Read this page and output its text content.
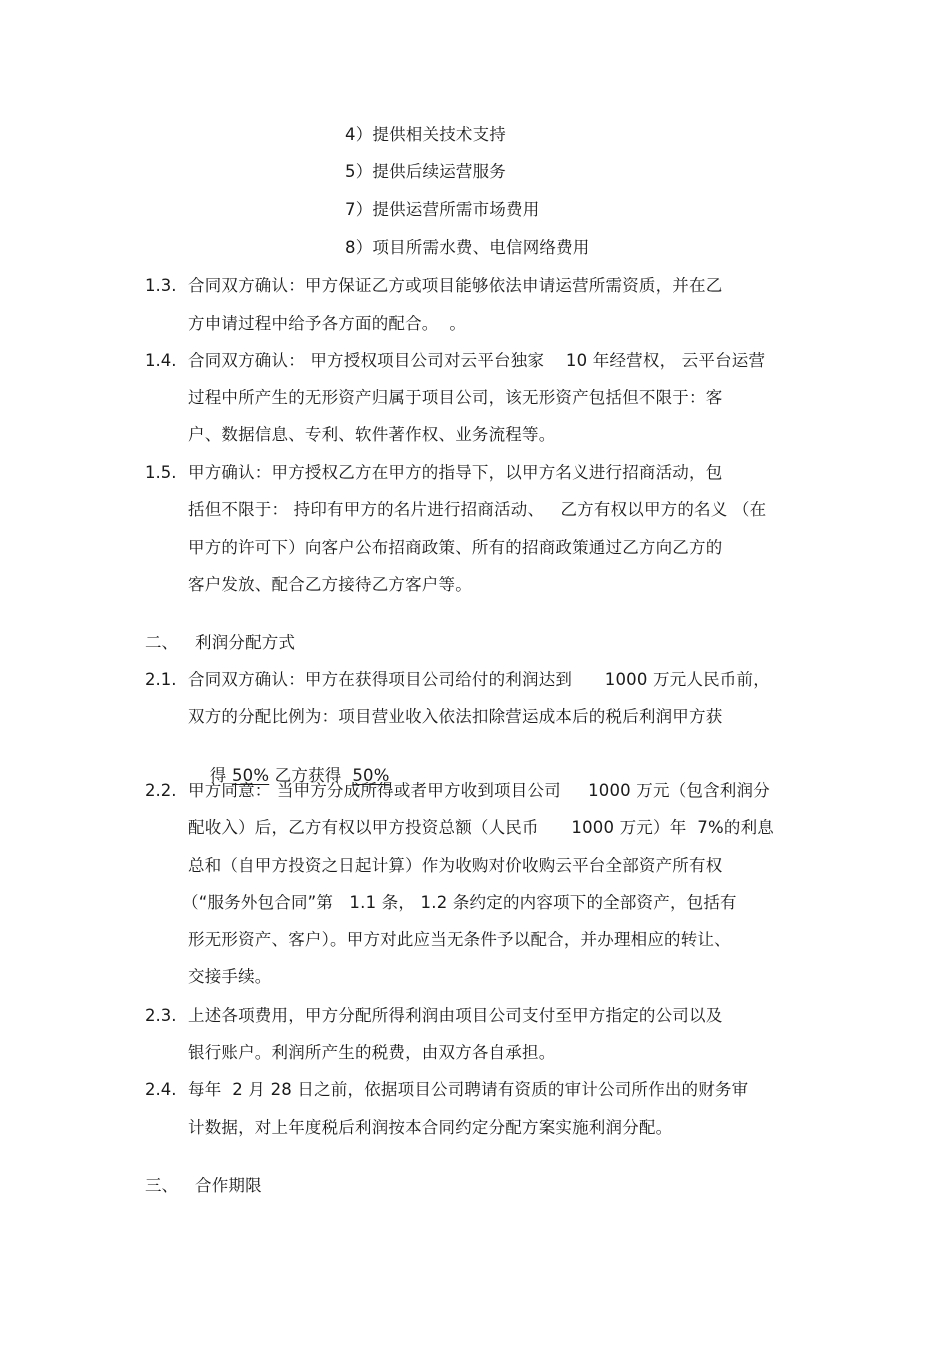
4）提供相关技术支持
5）提供后续运营服务
7）提供运营所需市场费用
8）项目所需水费、电信网络费用
1.3. 合同双方确认：甲方保证乙方或项目能够依法申请运营所需资质，并在乙
方申请过程中给予各方面的配合。  。
1.4. 合同双方确认： 甲方授权项目公司对云平台独家    10 年经营权， 云平台运营
过程中所产生的无形资产归属于项目公司，该无形资产包括但不限于：客
户、数据信息、专利、软件著作权、业务流程等。
1.5. 甲方确认：甲方授权乙方在甲方的指导下，以甲方名义进行招商活动，包
括但不限于： 持印有甲方的名片进行招商活动、   乙方有权以甲方的名义 （在
甲方的许可下）向客户公布招商政策、所有的招商政策通过乙方向乙方的
客户发放、配合乙方接待乙方客户等。
二、 利润分配方式
2.1. 合同双方确认：甲方在获得项目公司给付的利润达到      1000 万元人民币前，
双方的分配比例为：项目营业收入依法扣除营运成本后的税后利润甲方获

得 50% 乙方获得  50%

2.2. 甲方同意： 当甲方分成所得或者甲方收到项目公司     1000 万元（包含利润分
配收入）后，乙方有权以甲方投资总额（人民币      1000 万元）年  7%的利息
总和（自甲方投资之日起计算）作为收购对价收购云平台全部资产所有权
（“服务外包合同”第   1.1 条， 1.2 条约定的内容项下的全部资产，包括有
形无形资产、客户）。甲方对此应当无条件予以配合，并办理相应的转让、
交接手续。
2.3. 上述各项费用，甲方分配所得利润由项目公司支付至甲方指定的公司以及
银行账户。利润所产生的税费，由双方各自承担。
2.4. 每年  2 月 28 日之前，依据项目公司聘请有资质的审计公司所作出的财务审
计数据，对上年度税后利润按本合同约定分配方案实施利润分配。
三、 合作期限
